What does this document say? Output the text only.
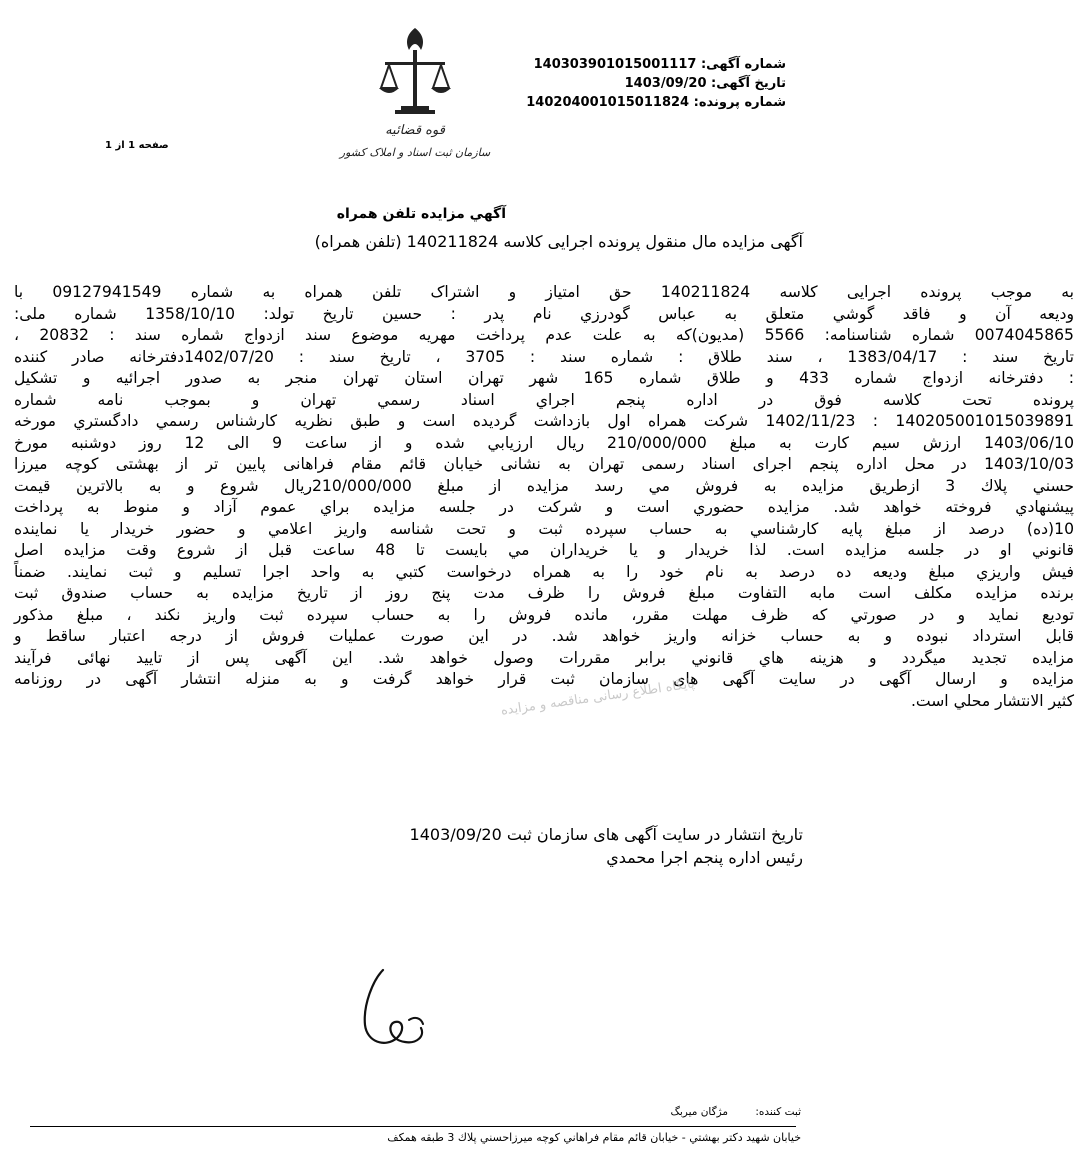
قوه قضائیه
سازمان ثبت اسناد و املاک کشور
شماره آگهی: 140303901015001117
تاریخ آگهی: 1403/09/20
شماره پرونده: 140204001015011824
صفحه 1 از 1
آگهي مزايده تلفن همراه
آگهی مزایده مال منقول پرونده اجرایی کلاسه 140211824 (تلفن همراه)
به موجب پرونده اجرایی کلاسه 140211824 حق امتیاز و اشتراک تلفن همراه به شماره 09127941549 با
وديعه آن و فاقد گوشي متعلق به عباس گودرزي نام پدر : حسين تاريخ تولد: 1358/10/10 شماره ملی:
0074045865 شماره شناسنامه: 5566 (مديون)كه به علت عدم پرداخت مهريه موضوع سند ازدواج شماره سند : 20832 ،
تاریخ سند : 1383/04/17 ، سند طلاق : شماره سند : 3705 ، تاریخ سند : 1402/07/20دفترخانه صادر کننده
: دفترخانه ازدواج شماره 433 و طلاق شماره 165 شهر تهران استان تهران منجر به صدور اجرائیه و تشکیل
پرونده تحت كلاسه فوق در اداره پنجم اجراي اسناد رسمي تهران و بموجب نامه شماره
140205001015039891 : 1402/11/23 شركت همراه اول بازداشت گرديده است و طبق نظريه كارشناس رسمي دادگستري مورخه
1403/06/10 ارزش سيم كارت به مبلغ 210/000/000 ريال ارزيابي شده و از ساعت 9 الی 12 روز دوشنبه مورخ
1403/10/03 در محل اداره پنجم اجرای اسناد رسمی تهران به نشانی خیابان قائم مقام فراهانی پایین تر از بهشتی کوچه میرزا
حسني پلاك 3 ازطريق مزايده به فروش مي رسد مزايده از مبلغ 210/000/000ريال شروع و به بالاترين قيمت
پيشنهادي فروخته خواهد شد. مزايده حضوري است و شركت در جلسه مزايده براي عموم آزاد و منوط به پرداخت
10(ده) درصد از مبلغ پايه كارشناسي به حساب سپرده ثبت و تحت شناسه واريز اعلامي و حضور خريدار يا نماينده
قانوني او در جلسه مزايده است. لذا خريدار و يا خريداران مي بايست تا 48 ساعت قبل از شروع وقت مزايده اصل
فيش واريزي مبلغ وديعه ده درصد به نام خود را به همراه درخواست كتبي به واحد اجرا تسليم و ثبت نمايند. ضمناً
برنده مزايده مكلف است مابه التفاوت مبلغ فروش را ظرف مدت پنج روز از تاريخ مزايده به حساب صندوق ثبت
توديع نمايد و در صورتي كه ظرف مهلت مقرر، مانده فروش را به حساب سپرده ثبت واريز نكند ، مبلغ مذكور
قابل استرداد نبوده و به حساب خزانه واريز خواهد شد. در اين صورت عمليات فروش از درجه اعتبار ساقط و
مزايده تجديد ميگردد و هزينه هاي قانوني برابر مقررات وصول خواهد شد. این آگهی پس از تایید نهائی فرآیند
مزایده و ارسال آگهی در سایت آگهی های سازمان ثبت قرار خواهد گرفت و به منزله انتشار آگهی در روزنامه
كثير الانتشار محلي است.
پایگاه اطلاع رسانی مناقصه و مزایده
تاریخ انتشار در سایت آگهی های سازمان ثبت 1403/09/20
رئيس اداره پنجم اجرا محمدي
ثبت کننده: مژگان میربگ
خيابان شهيد دكتر بهشتي - خيابان قائم مقام فراهاني كوچه ميرزاحسني پلاك 3 طبقه همكف
